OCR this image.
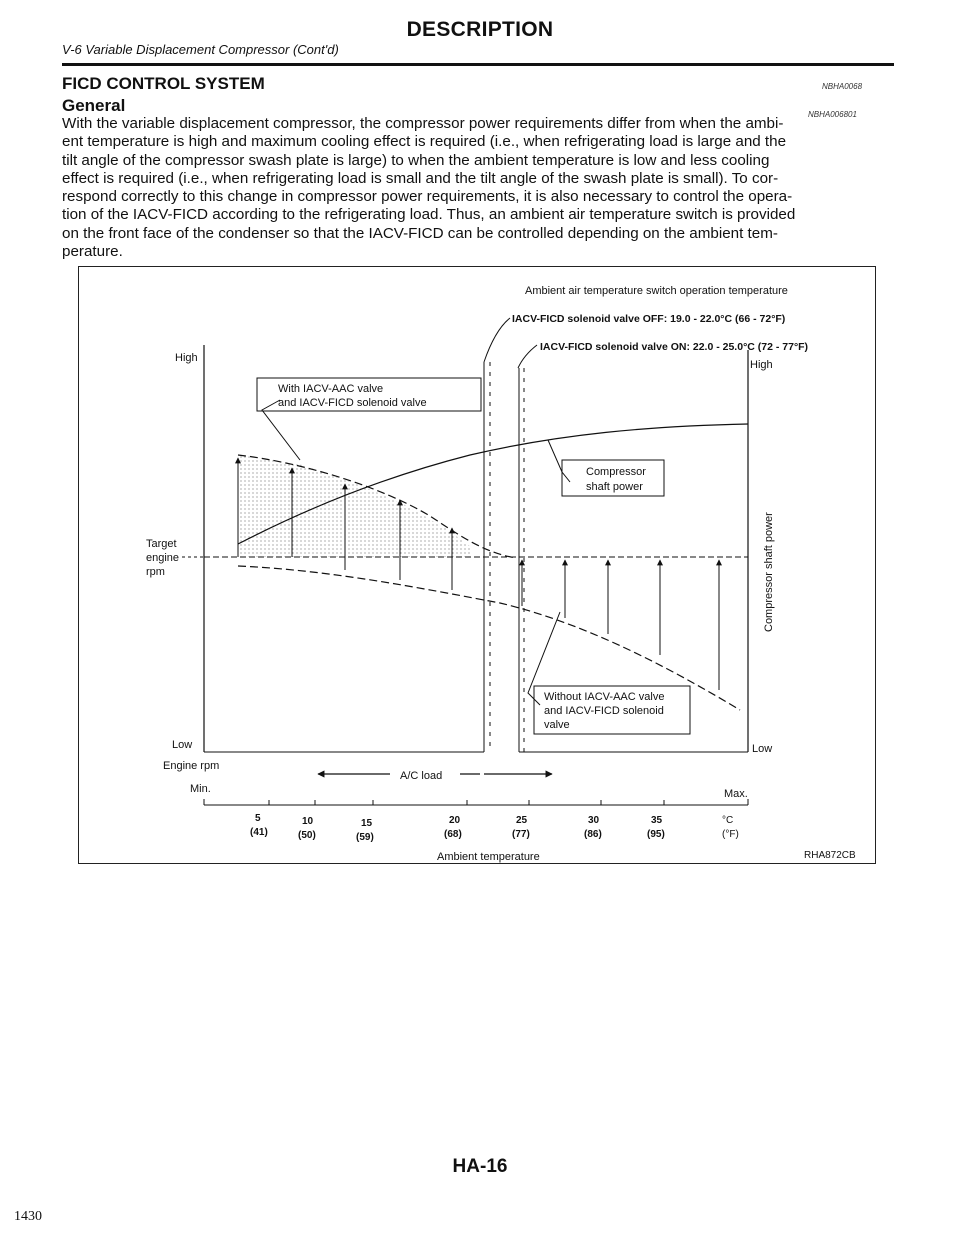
DESCRIPTION
V-6 Variable Displacement Compressor (Cont'd)
FICD CONTROL SYSTEM	NBHA0068
General	NBHA006801
With the variable displacement compressor, the compressor power requirements differ from when the ambi-
ent temperature is high and maximum cooling effect is required (i.e., when refrigerating load is large and the
tilt angle of the compressor swash plate is large) to when the ambient temperature is low and less cooling
effect is required (i.e., when refrigerating load is small and the tilt angle of the swash plate is small). To cor-
respond correctly to this change in compressor power requirements, it is also necessary to control the opera-
tion of the IACV-FICD according to the refrigerating load. Thus, an ambient air temperature switch is provided
on the front face of the condenser so that the IACV-FICD can be controlled depending on the ambient tem-
perature.
Ambient air temperature switch operation temperature
IACV-FICD solenoid valve OFF: 19.0 - 22.0°C (66 - 72°F)
IACV-FICD solenoid valve ON: 22.0 - 25.0°C (72 - 77°F)
High
Target
engine
rpm
Low
Engine rpm
High
Low
Compressor shaft power
With IACV-AAC valve
and IACV-FICD solenoid valve
Compressor
shaft power
Without IACV-AAC valve
and IACV-FICD solenoid
valve
A/C load
Min.	Max.
5
(41)
10
(50)
15
(59)
20
(68)
25
(77)
30
(86)
35
(95)
°C
(°F)
Ambient temperature	RHA872CB
HA-16
1430
